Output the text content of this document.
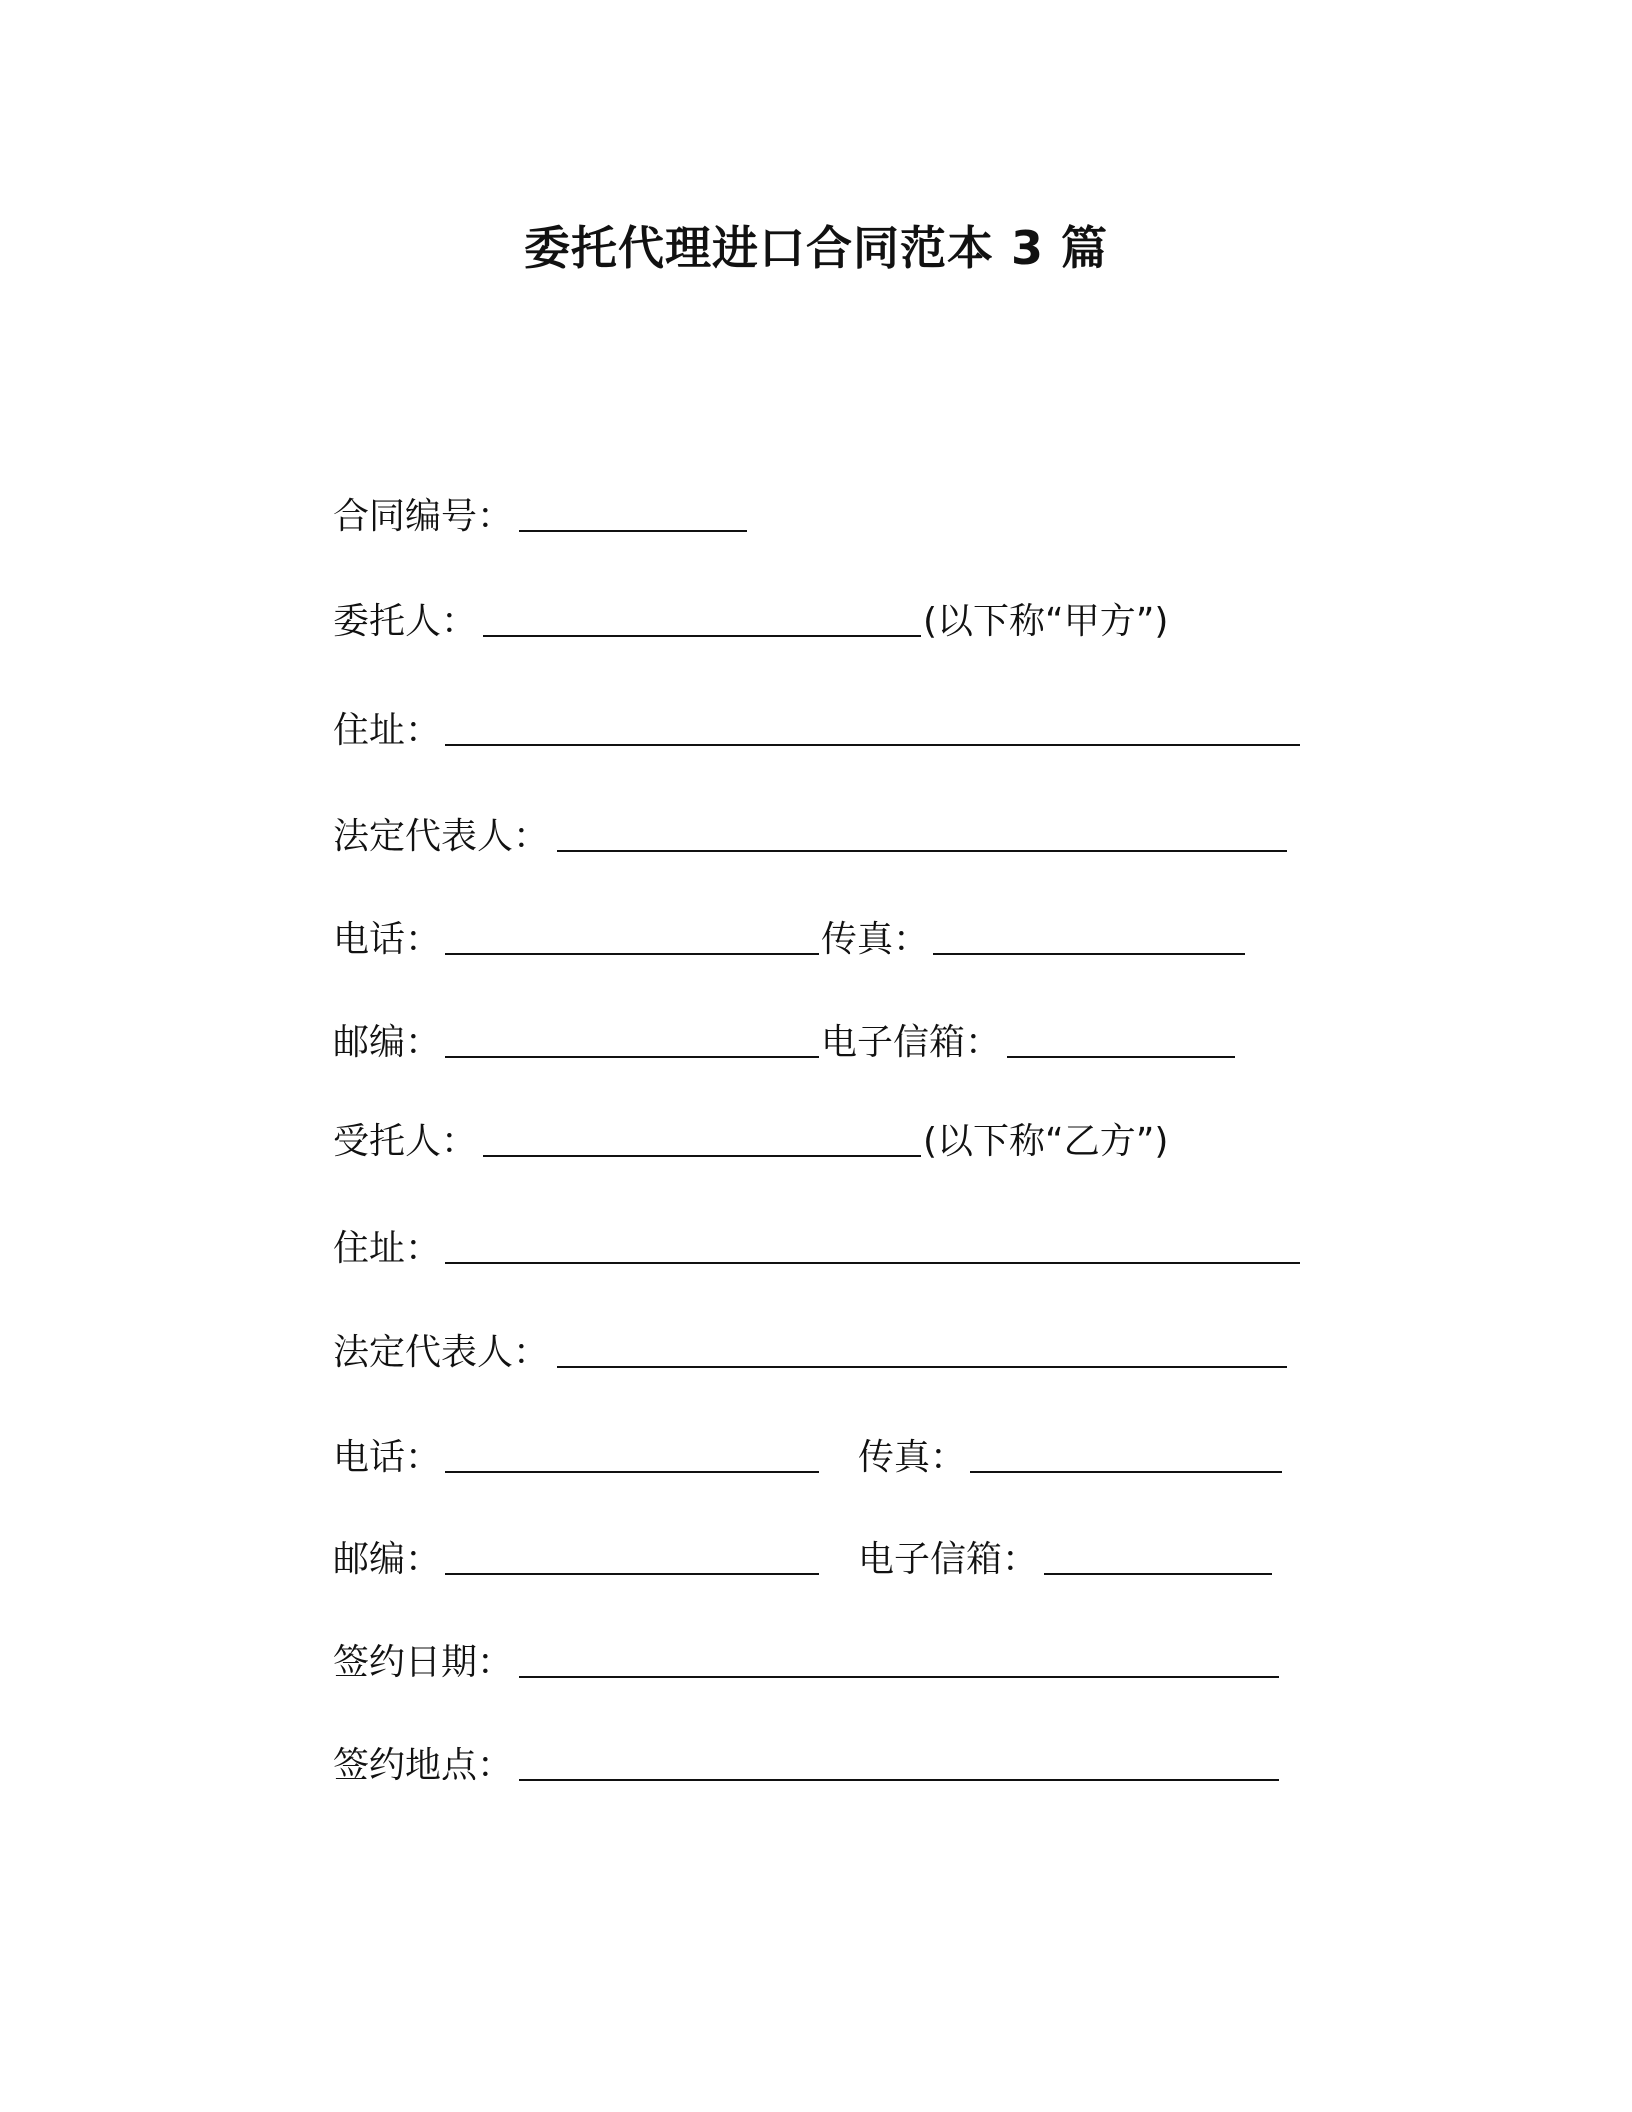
委托代理进口合同范本 3 篇
合同编号：
委托人：	(以下称“甲方”)
住址：
法定代表人：
电话：	传真：
邮编：	电子信箱：
受托人：	(以下称“乙方”)
住址：
法定代表人：
电话：	传真：
邮编：	电子信箱：
签约日期：
签约地点：
